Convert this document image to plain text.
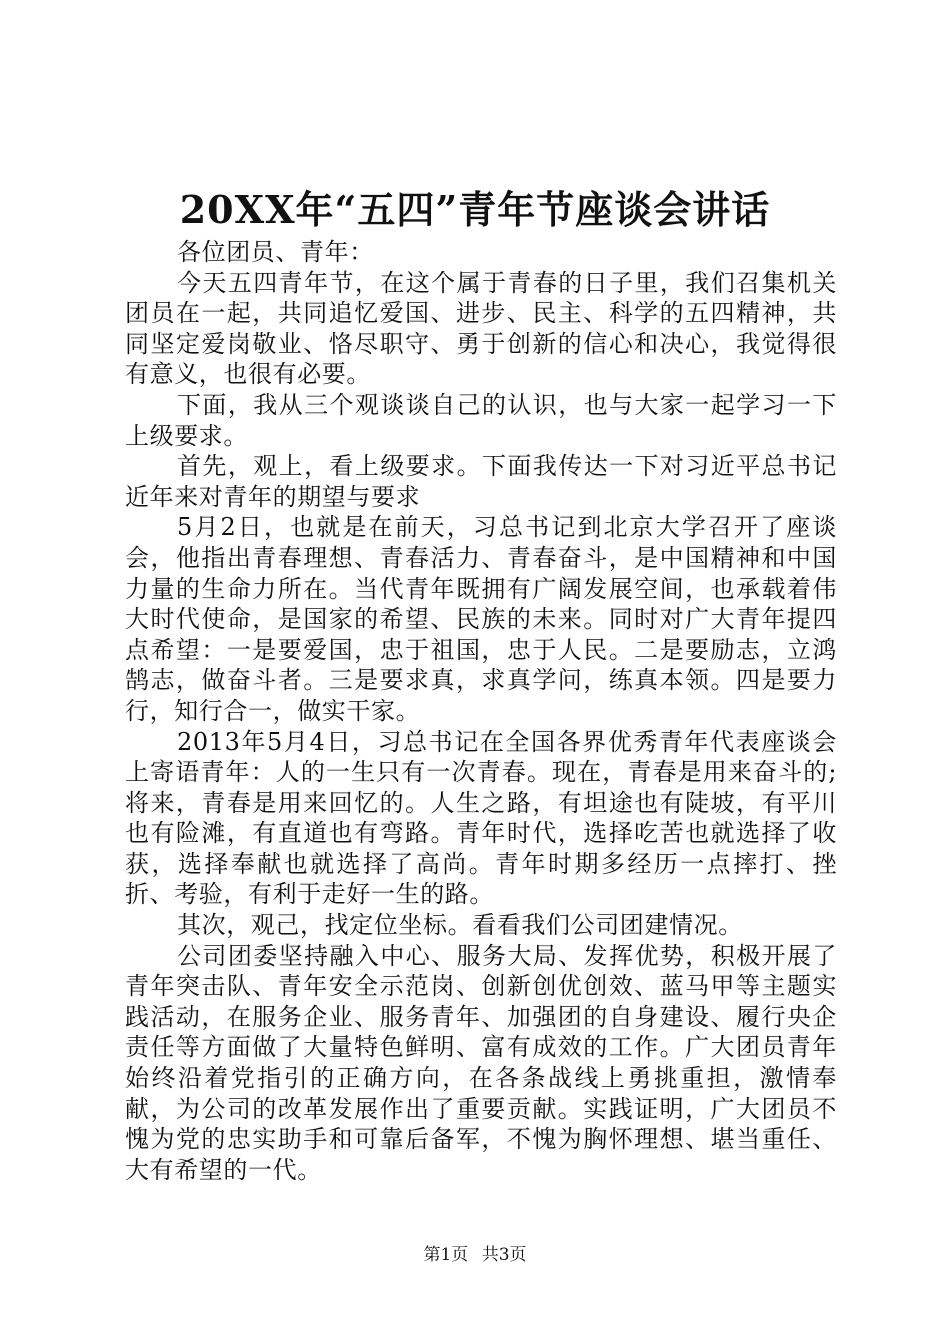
20XX年“五四”青年节座谈会讲话

各位团员、青年：

今天五四青年节，在这个属于青春的日子里，我们召集机关团员在一起，共同追忆爱国、进步、民主、科学的五四精神，共同坚定爱岗敬业、恪尽职守、勇于创新的信心和决心，我觉得很有意义，也很有必要。

下面，我从三个观谈谈自己的认识，也与大家一起学习一下上级要求。

首先，观上，看上级要求。下面我传达一下对习近平总书记近年来对青年的期望与要求

5月2日，也就是在前天，习总书记到北京大学召开了座谈会，他指出青春理想、青春活力、青春奋斗，是中国精神和中国力量的生命力所在。当代青年既拥有广阔发展空间，也承载着伟大时代使命，是国家的希望、民族的未来。同时对广大青年提四点希望：一是要爱国，忠于祖国，忠于人民。二是要励志，立鸿鹄志，做奋斗者。三是要求真，求真学问，练真本领。四是要力行，知行合一，做实干家。

2013年5月4日，习总书记在全国各界优秀青年代表座谈会上寄语青年：人的一生只有一次青春。现在，青春是用来奋斗的;将来，青春是用来回忆的。人生之路，有坦途也有陡坡，有平川也有险滩，有直道也有弯路。青年时代，选择吃苦也就选择了收获，选择奉献也就选择了高尚。青年时期多经历一点摔打、挫折、考验，有利于走好一生的路。

其次，观己，找定位坐标。看看我们公司团建情况。

公司团委坚持融入中心、服务大局、发挥优势，积极开展了青年突击队、青年安全示范岗、创新创优创效、蓝马甲等主题实践活动，在服务企业、服务青年、加强团的自身建设、履行央企责任等方面做了大量特色鲜明、富有成效的工作。广大团员青年始终沿着党指引的正确方向，在各条战线上勇挑重担，激情奉献，为公司的改革发展作出了重要贡献。实践证明，广大团员不愧为党的忠实助手和可靠后备军，不愧为胸怀理想、堪当重任、大有希望的一代。

第1页 共3页
